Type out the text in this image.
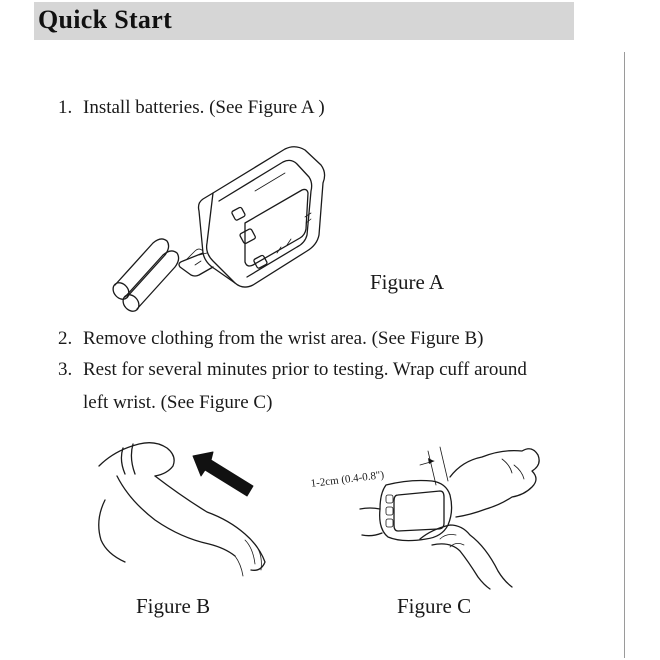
Quick Start
1. Install batteries. (See Figure A )
Figure A
2. Remove clothing from the wrist area. (See Figure B)
3. Rest for several minutes prior to testing. Wrap cuff around
left wrist. (See Figure C)
Figure B
1-2cm (0.4-0.8")
Figure C
